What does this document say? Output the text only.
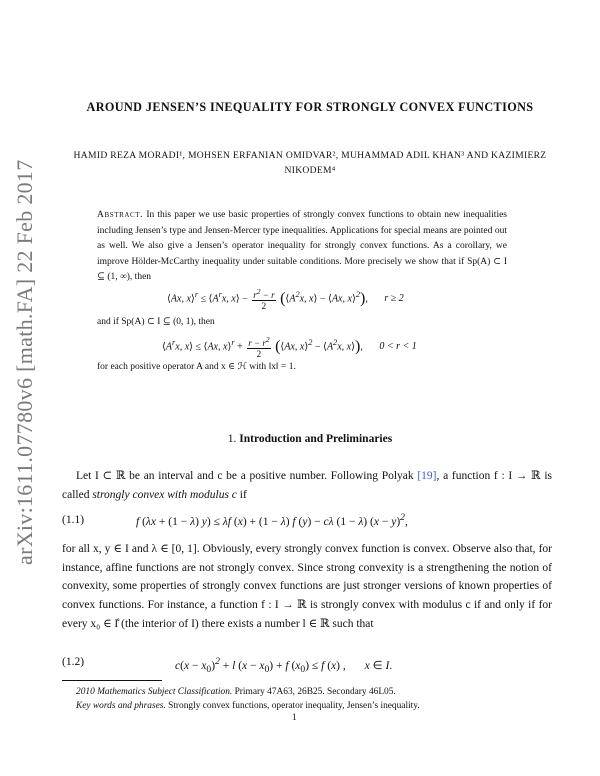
arXiv:1611.07780v6 [math.FA] 22 Feb 2017
AROUND JENSEN’S INEQUALITY FOR STRONGLY CONVEX FUNCTIONS
HAMID REZA MORADI¹, MOHSEN ERFANIAN OMIDVAR², MUHAMMAD ADIL KHAN³ AND KAZIMIERZ NIKODEM⁴
Abstract. In this paper we use basic properties of strongly convex functions to obtain new inequalities including Jensen’s type and Jensen-Mercer type inequalities. Applications for special means are pointed out as well. We also give a Jensen’s operator inequality for strongly convex functions. As a corollary, we improve Hölder-McCarthy inequality under suitable conditions. More precisely we show that if Sp(A) ⊂ I ⊆ (1, ∞), then
⟨Ax, x⟩$^r$ ≤ $⟨A^rx$, x⟩ − $\frac{r^2 - r}{2}$ ($⟨A^2x$, x⟩ − ⟨Ax, x⟩$^2$), r ≥ 2
and if Sp(A) ⊂ I ⊆ (0, 1), then
$⟨A^rx$, x⟩ ≤ ⟨Ax, x⟩$^r$ + $\frac{r - r^2}{2}$ (⟨Ax, x⟩$^2$ − $⟨A^2x$, x⟩), 0 < r < 1
for each positive operator A and x ∈ ℋ with ‖x‖ = 1.
1. Introduction and Preliminaries
Let I ⊂ ℝ be an interval and c be a positive number. Following Polyak [19], a function f : I → ℝ is called strongly convex with modulus c if
(1.1)	f (λx + (1 − λ) y) ≤ λf (x) + (1 − λ) f (y) − cλ (1 − λ) $(x - y)^2$,
for all x, y ∈ I and λ ∈ [0, 1]. Obviously, every strongly convex function is convex. Observe also that, for instance, affine functions are not strongly convex. Since strong convexity is a strengthening the notion of convexity, some properties of strongly convex functions are just stronger versions of known properties of convex functions. For instance, a function f : I → ℝ is strongly convex with modulus c if and only if for every x₀ ∈ I̊ (the interior of I) there exists a number l ∈ ℝ such that
(1.2)	$c(x - x_0)^2 + l$ $(x - x_0) + f$ $(x_0) \le f$ (x) , x ∈ I.
2010 Mathematics Subject Classification. Primary 47A63, 26B25. Secondary 46L05.
Key words and phrases. Strongly convex functions, operator inequality, Jensen’s inequality.
1
